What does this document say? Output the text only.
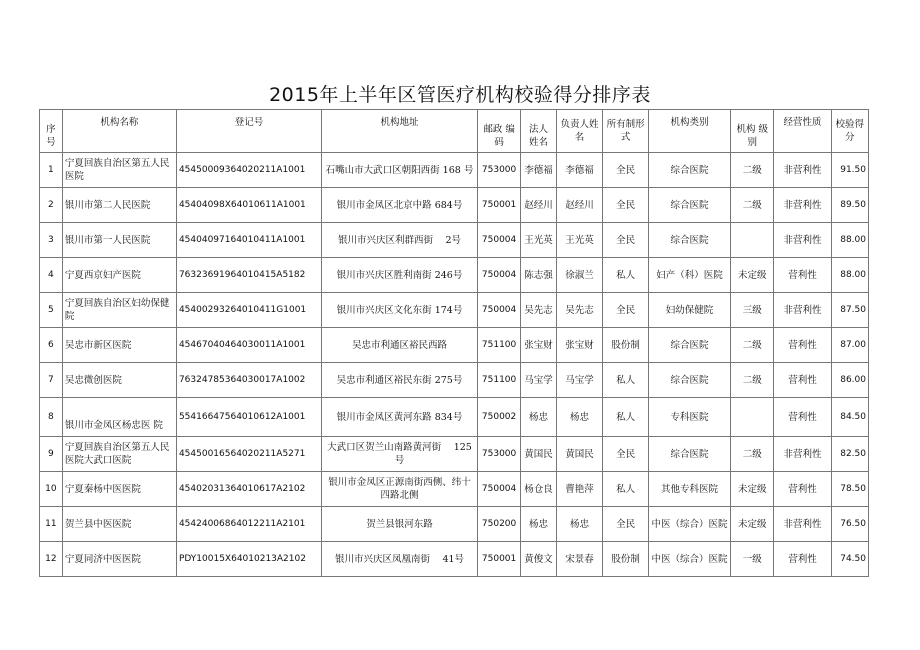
2015年上半年区管医疗机构校验得分排序表
序 号	机构名称	登记号	机构地址	邮政 编码	法人 姓名	负责人姓名	所有制形式	机构类别	机构 级别	经营性质	校验得分
1	宁夏回族自治区第五人民医院	45450009364020211A1001	石嘴山市大武口区朝阳西街 168 号	753000	李德福	李德福	全民	综合医院	二级	非营利性	91.50
2	银川市第二人民医院	45404098X64010611A1001	银川市金凤区北京中路 684号	750001	赵经川	赵经川	全民	综合医院	二级	非营利性	89.50
3	银川市第一人民医院	45404097164010411A1001	银川市兴庆区利群西街　 2号	750004	王光英	王光英	全民	综合医院		非营利性	88.00
4	宁夏西京妇产医院	76323691964010415A5182	银川市兴庆区胜利南街 246号	750004	陈志强	徐淑兰	私人	妇产（科）医院	未定级	营利性	88.00
5	宁夏回族自治区妇幼保健院	45400293264010411G1001	银川市兴庆区文化东街 174号	750004	吴先志	吴先志	全民	妇幼保健院	三级	非营利性	87.50
6	吴忠市新区医院	45467040464030011A1001	吴忠市利通区裕民西路	751100	张宝财	张宝财	股份制	综合医院	二级	营利性	87.00
7	吴忠微创医院	76324785364030017A1002	吴忠市利通区裕民东街 275号	751100	马宝学	马宝学	私人	综合医院	二级	营利性	86.00
8	银川市金凤区杨忠医 院	55416647564010612A1001	银川市金凤区黄河东路 834号	750002	杨忠	杨忠	私人	专科医院		营利性	84.50
9	宁夏回族自治区第五人民医院大武口医院	45450016564020211A5271	大武口区贺兰山南路黄河街　 125号	753000	黄国民	黄国民	全民	综合医院	二级	非营利性	82.50
10	宁夏秦杨中医医院	45402031364010617A2102	银川市金凤区正源南街西侧、纬十四路北侧	750004	杨仓良	曹艳萍	私人	其他专科医院	未定级	营利性	78.50
11	贺兰县中医医院	45424006864012211A2101	贺兰县银河东路	750200	杨忠	杨忠	全民	中医（综合）医院	未定级	非营利性	76.50
12	宁夏同济中医医院	PDY10015X64010213A2102	银川市兴庆区凤凰南街　 41号	750001	黄俊文	宋景春	股份制	中医（综合）医院	一级	营利性	74.50
